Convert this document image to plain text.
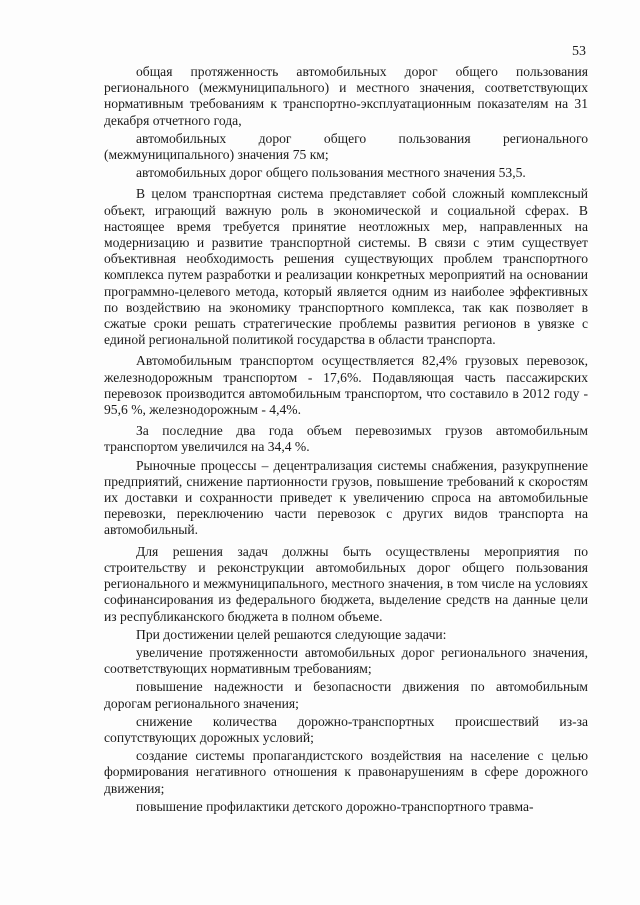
53

общая протяженность автомобильных дорог общего пользования регионального (межмуниципального) и местного значения, соответствующих нормативным требованиям к транспортно-эксплуатационным показателям на 31 декабря отчетного года,

автомобильных дорог общего пользования регионального (межмуниципального) значения 75 км;

автомобильных дорог общего пользования местного значения 53,5.

В целом транспортная система представляет собой сложный комплексный объект, играющий важную роль в экономической и социальной сферах. В настоящее время требуется принятие неотложных мер, направленных на модернизацию и развитие транспортной системы. В связи с этим существует объективная необходимость решения существующих проблем транспортного комплекса путем разработки и реализации конкретных мероприятий на основании программно-целевого метода, который является одним из наиболее эффективных по воздействию на экономику транспортного комплекса, так как позволяет в сжатые сроки решать стратегические проблемы развития регионов в увязке с единой региональной политикой государства в области транспорта.

Автомобильным транспортом осуществляется 82,4% грузовых перевозок, железнодорожным транспортом - 17,6%. Подавляющая часть пассажирских перевозок производится автомобильным транспортом, что составило в 2012 году - 95,6 %, железнодорожным - 4,4%.

За последние два года объем перевозимых грузов автомобильным транспортом увеличился на 34,4 %.

Рыночные процессы – децентрализация системы снабжения, разукрупнение предприятий, снижение партионности грузов, повышение требований к скоростям их доставки и сохранности приведет к увеличению спроса на автомобильные перевозки, переключению части перевозок с других видов транспорта на автомобильный.

Для решения задач должны быть осуществлены мероприятия по строительству и реконструкции автомобильных дорог общего пользования регионального и межмуниципального, местного значения, в том числе на условиях софинансирования из федерального бюджета, выделение средств на данные цели из республиканского бюджета в полном объеме.

При достижении целей решаются следующие задачи:

увеличение протяженности автомобильных дорог регионального значения, соответствующих нормативным требованиям;

повышение надежности и безопасности движения по автомобильным дорогам регионального значения;

снижение количества дорожно-транспортных происшествий из-за сопутствующих дорожных условий;

создание системы пропагандистского воздействия на население с целью формирования негативного отношения к правонарушениям в сфере дорожного движения;

повышение профилактики детского дорожно-транспортного травма-
